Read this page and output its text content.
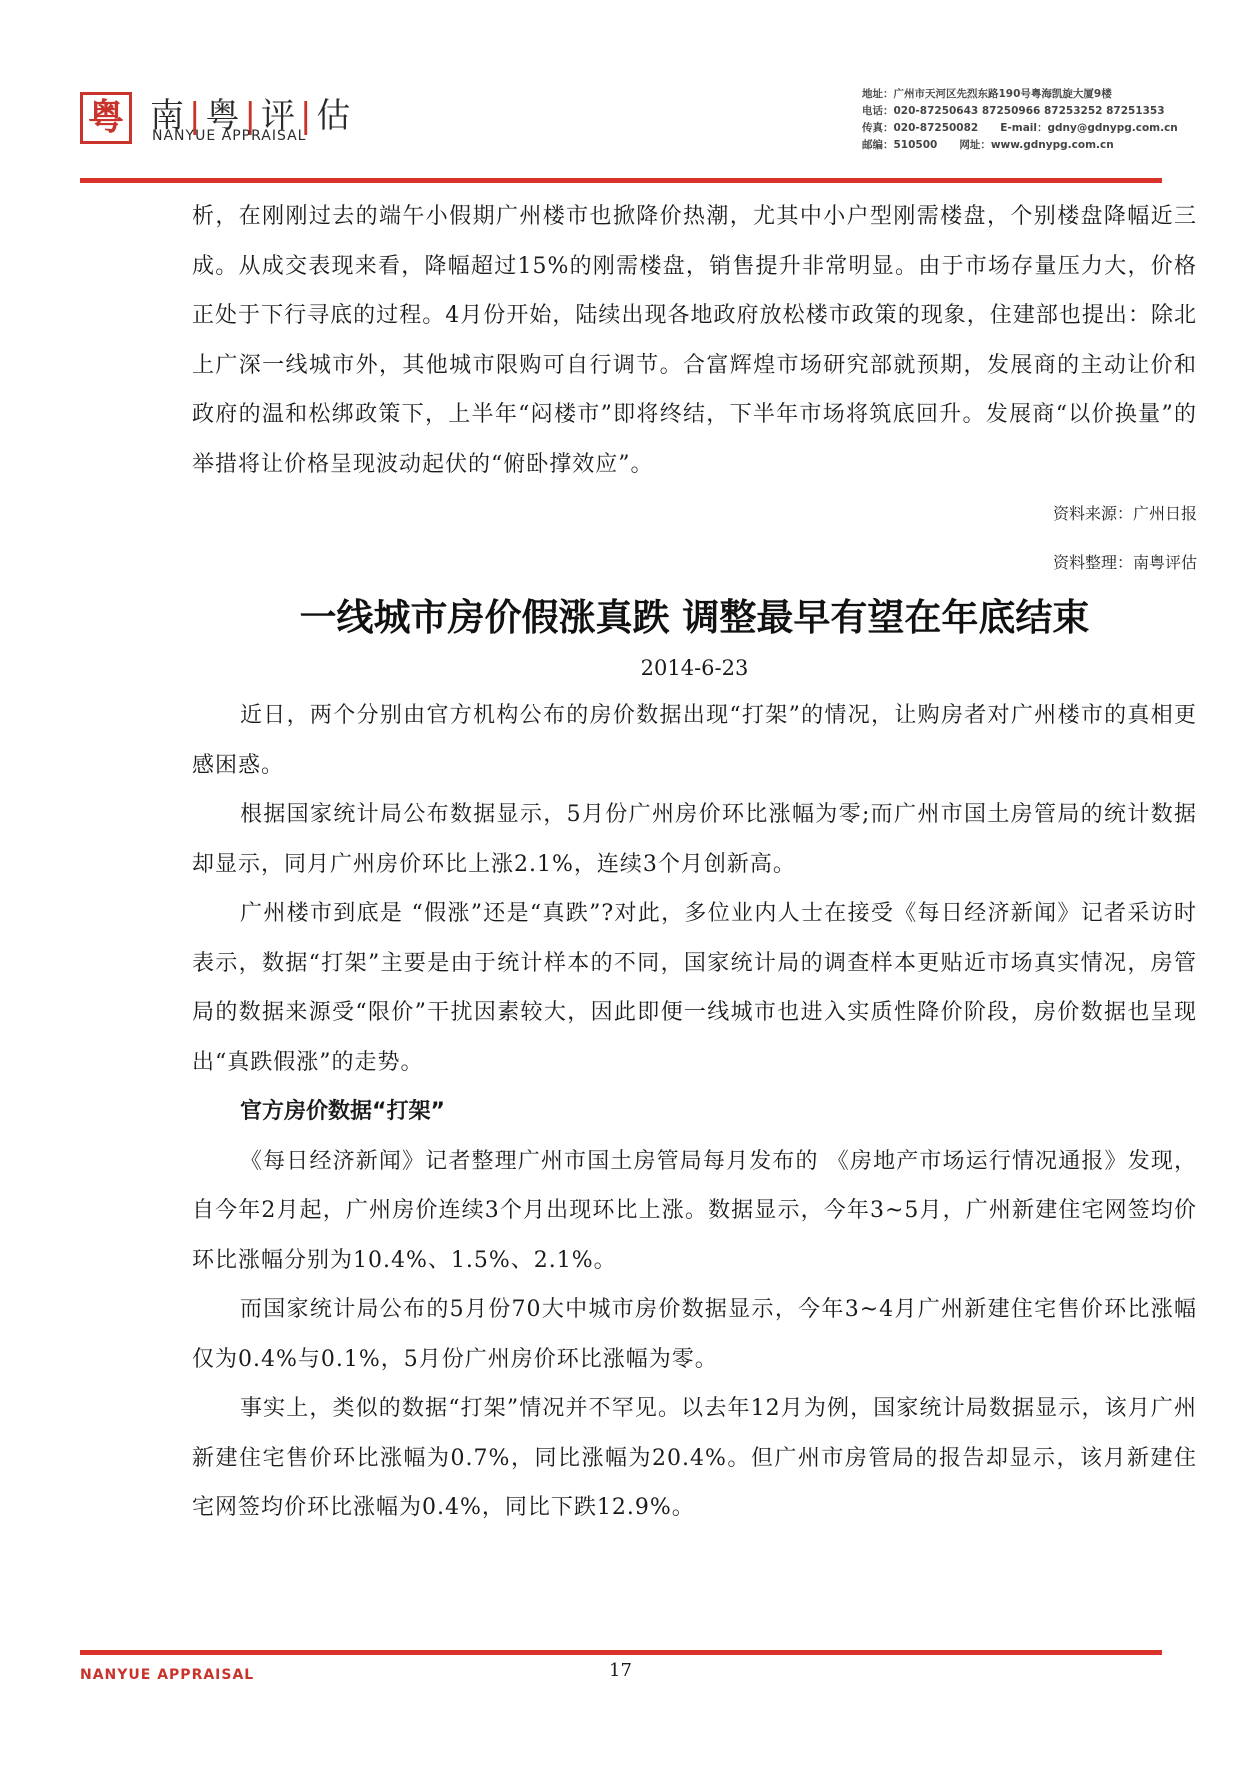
粤 南|粤|评|估
NANYUE APPRAISAL
地址：广州市天河区先烈东路190号粤海凯旋大厦9楼
电话：020-87250643 87250966 87253252 87251353
传真：020-87250082 E-mail：gdny@gdnypg.com.cn
邮编：510500 网址：www.gdnypg.com.cn

析，在刚刚过去的端午小假期广州楼市也掀降价热潮，尤其中小户型刚需楼盘，个别楼盘降幅近三成。从成交表现来看，降幅超过15%的刚需楼盘，销售提升非常明显。由于市场存量压力大，价格正处于下行寻底的过程。4月份开始，陆续出现各地政府放松楼市政策的现象，住建部也提出：除北上广深一线城市外，其他城市限购可自行调节。合富辉煌市场研究部就预期，发展商的主动让价和政府的温和松绑政策下，上半年“闷楼市”即将终结，下半年市场将筑底回升。发展商“以价换量”的举措将让价格呈现波动起伏的“俯卧撑效应”。

资料来源：广州日报

资料整理：南粤评估

一线城市房价假涨真跌 调整最早有望在年底结束

2014-6-23

近日，两个分别由官方机构公布的房价数据出现“打架”的情况，让购房者对广州楼市的真相更感困惑。

根据国家统计局公布数据显示，5月份广州房价环比涨幅为零;而广州市国土房管局的统计数据却显示，同月广州房价环比上涨2.1%，连续3个月创新高。

广州楼市到底是 “假涨”还是“真跌”?对此，多位业内人士在接受《每日经济新闻》记者采访时表示，数据“打架”主要是由于统计样本的不同，国家统计局的调查样本更贴近市场真实情况，房管局的数据来源受“限价”干扰因素较大，因此即便一线城市也进入实质性降价阶段，房价数据也呈现出“真跌假涨”的走势。

官方房价数据“打架”

《每日经济新闻》记者整理广州市国土房管局每月发布的 《房地产市场运行情况通报》发现，自今年2月起，广州房价连续3个月出现环比上涨。数据显示，今年3~5月，广州新建住宅网签均价环比涨幅分别为10.4%、1.5%、2.1%。

而国家统计局公布的5月份70大中城市房价数据显示，今年3~4月广州新建住宅售价环比涨幅仅为0.4%与0.1%，5月份广州房价环比涨幅为零。

事实上，类似的数据“打架”情况并不罕见。以去年12月为例，国家统计局数据显示，该月广州新建住宅售价环比涨幅为0.7%，同比涨幅为20.4%。但广州市房管局的报告却显示，该月新建住宅网签均价环比涨幅为0.4%，同比下跌12.9%。

NANYUE APPRAISAL	17
